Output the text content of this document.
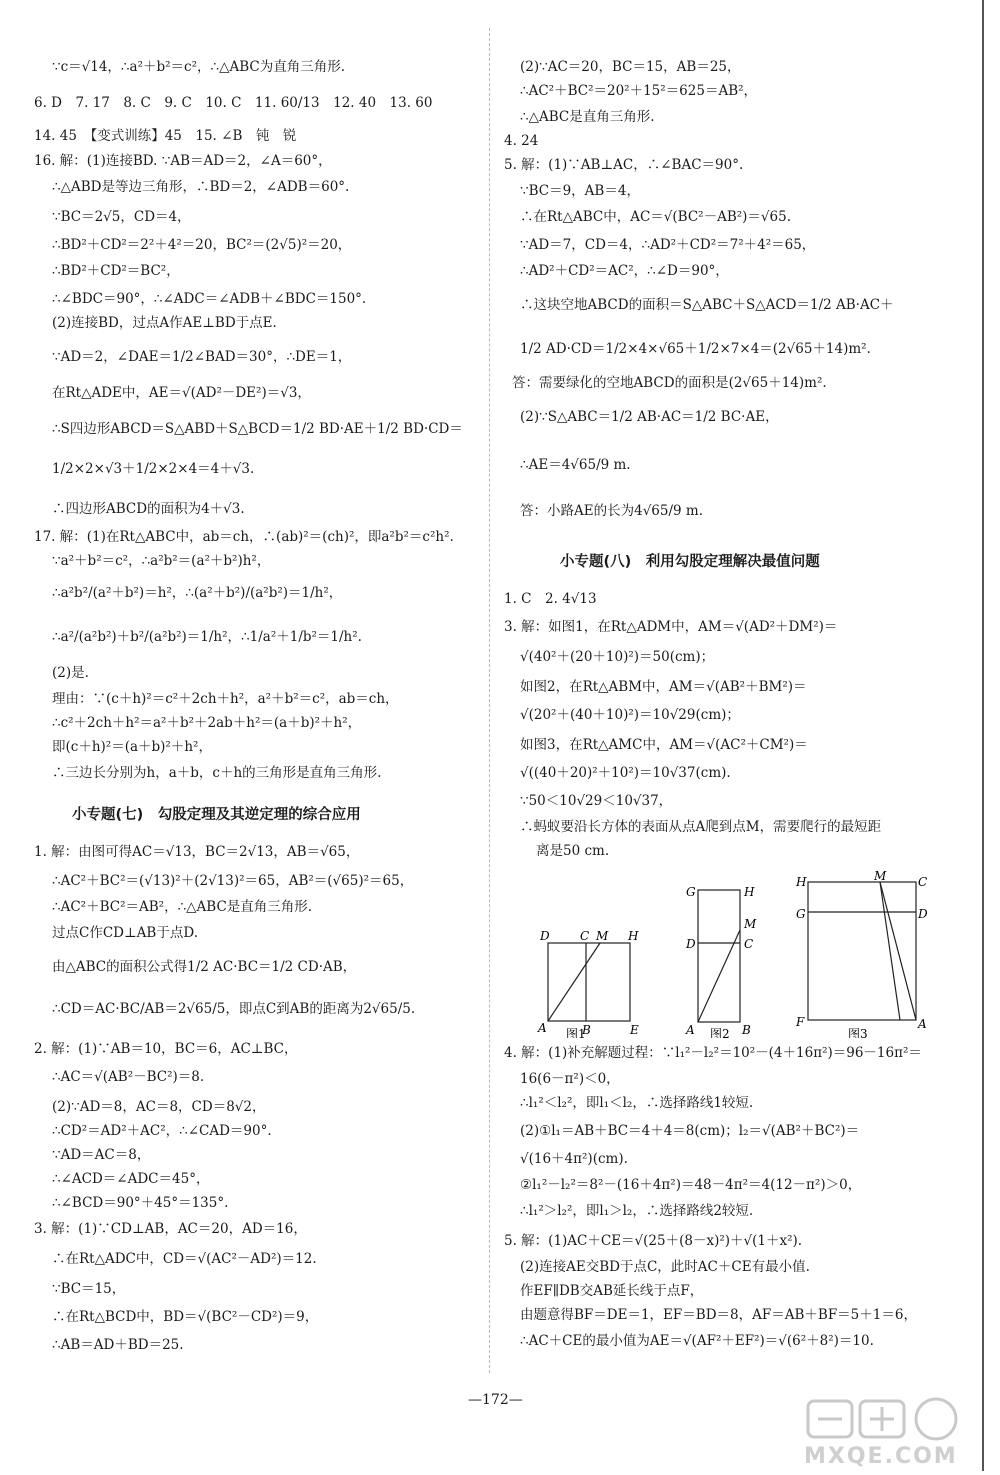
∵c＝√14，∴a²＋b²＝c²，∴△ABC为直角三角形.
6. D　7. 17　8. C　9. C　10. C　11. 60/13　12. 40　13. 60
14. 45　【变式训练】45　15. ∠B　钝　锐
16. 解：(1)连接BD. ∵AB＝AD＝2，∠A＝60°，
∴△ABD是等边三角形，∴BD＝2，∠ADB＝60°.
∵BC＝2√5，CD＝4，
∴BD²＋CD²＝2²＋4²＝20，BC²＝(2√5)²＝20，
∴BD²＋CD²＝BC²，
∴∠BDC＝90°，∴∠ADC＝∠ADB＋∠BDC＝150°.
(2)连接BD，过点A作AE⊥BD于点E.
∵AD＝2，∠DAE＝1/2∠BAD＝30°，∴DE＝1，
在Rt△ADE中，AE＝√(AD²－DE²)＝√3，
∴S四边形ABCD＝S△ABD＋S△BCD＝1/2 BD·AE＋1/2 BD·CD＝
1/2×2×√3＋1/2×2×4＝4＋√3.
∴四边形ABCD的面积为4＋√3.
17. 解：(1)在Rt△ABC中，ab＝ch，∴(ab)²＝(ch)²，即a²b²＝c²h².
∵a²＋b²＝c²，∴a²b²＝(a²＋b²)h²，
∴a²b²/(a²＋b²)＝h²，∴(a²＋b²)/(a²b²)＝1/h²，
∴a²/(a²b²)＋b²/(a²b²)＝1/h²，∴1/a²＋1/b²＝1/h².
(2)是.
理由：∵(c＋h)²＝c²＋2ch＋h²，a²＋b²＝c²，ab＝ch，
∴c²＋2ch＋h²＝a²＋b²＋2ab＋h²＝(a＋b)²＋h²，
即(c＋h)²＝(a＋b)²＋h²，
∴三边长分别为h，a＋b，c＋h的三角形是直角三角形.
小专题(七)　勾股定理及其逆定理的综合应用
1. 解：由图可得AC＝√13，BC＝2√13，AB＝√65，
∴AC²＋BC²＝(√13)²＋(2√13)²＝65，AB²＝(√65)²＝65，
∴AC²＋BC²＝AB²，∴△ABC是直角三角形.
过点C作CD⊥AB于点D.
由△ABC的面积公式得1/2 AC·BC＝1/2 CD·AB，
∴CD＝AC·BC/AB＝2√65/5，即点C到AB的距离为2√65/5.
2. 解：(1)∵AB＝10，BC＝6，AC⊥BC，
∴AC＝√(AB²－BC²)＝8.
(2)∵AD＝8，AC＝8，CD＝8√2，
∴CD²＝AD²＋AC²，∴∠CAD＝90°.
∵AD＝AC＝8，
∴∠ACD＝∠ADC＝45°，
∴∠BCD＝90°＋45°＝135°.
3. 解：(1)∵CD⊥AB，AC＝20，AD＝16，
∴在Rt△ADC中，CD＝√(AC²－AD²)＝12.
∵BC＝15，
∴在Rt△BCD中，BD＝√(BC²－CD²)＝9，
∴AB＝AD＋BD＝25.
(2)∵AC＝20，BC＝15，AB＝25，
∴AC²＋BC²＝20²＋15²＝625＝AB²，
∴△ABC是直角三角形.
4. 24
5. 解：(1)∵AB⊥AC，∴∠BAC＝90°.
∵BC＝9，AB＝4，
∴在Rt△ABC中，AC＝√(BC²－AB²)＝√65.
∵AD＝7，CD＝4，∴AD²＋CD²＝7²＋4²＝65，
∴AD²＋CD²＝AC²，∴∠D＝90°，
∴这块空地ABCD的面积＝S△ABC＋S△ACD＝1/2 AB·AC＋
1/2 AD·CD＝1/2×4×√65＋1/2×7×4＝(2√65＋14)m².
答：需要绿化的空地ABCD的面积是(2√65＋14)m².
(2)∵S△ABC＝1/2 AB·AC＝1/2 BC·AE，
∴AE＝4√65/9 m.
答：小路AE的长为4√65/9 m.
小专题(八)　利用勾股定理解决最值问题
1. C　2. 4√13
3. 解：如图1，在Rt△ADM中，AM＝√(AD²＋DM²)＝
√(40²＋(20＋10)²)＝50(cm)；
如图2，在Rt△ABM中，AM＝√(AB²＋BM²)＝
√(20²＋(40＋10)²)＝10√29(cm)；
如图3，在Rt△AMC中，AM＝√(AC²＋CM²)＝
√((40＋20)²＋10²)＝10√37(cm).
∵50＜10√29＜10√37，
∴蚂蚁要沿长方体的表面从点A爬到点M，需要爬行的最短距
离是50 cm.
4. 解：(1)补充解题过程：∵l₁²－l₂²＝10²－(4＋16π²)＝96－16π²＝
16(6－π²)＜0，
∴l₁²＜l₂²，即l₁＜l₂，∴选择路线1较短.
(2)①l₁＝AB＋BC＝4＋4＝8(cm)；l₂＝√(AB²＋BC²)＝
√(16＋4π²)(cm).
②l₁²－l₂²＝8²－(16＋4π²)＝48－4π²＝4(12－π²)＞0，
∴l₁²＞l₂²，即l₁＞l₂，∴选择路线2较短.
5. 解：(1)AC＋CE＝√(25＋(8－x)²)＋√(1＋x²).
(2)连接AE交BD于点C，此时AC＋CE有最小值.
作EF∥DB交AB延长线于点F，
由题意得BF＝DE＝1，EF＝BD＝8，AF＝AB＋BF＝5＋1＝6，
∴AC＋CE的最小值为AE＝√(AF²＋EF²)＝√(6²＋8²)＝10.
D	C M H
A	B	E
图1
G	H
M
D	C
A	B
图2
H	M	C
G	D
F	A
图3
—172—
MXQE.COM
